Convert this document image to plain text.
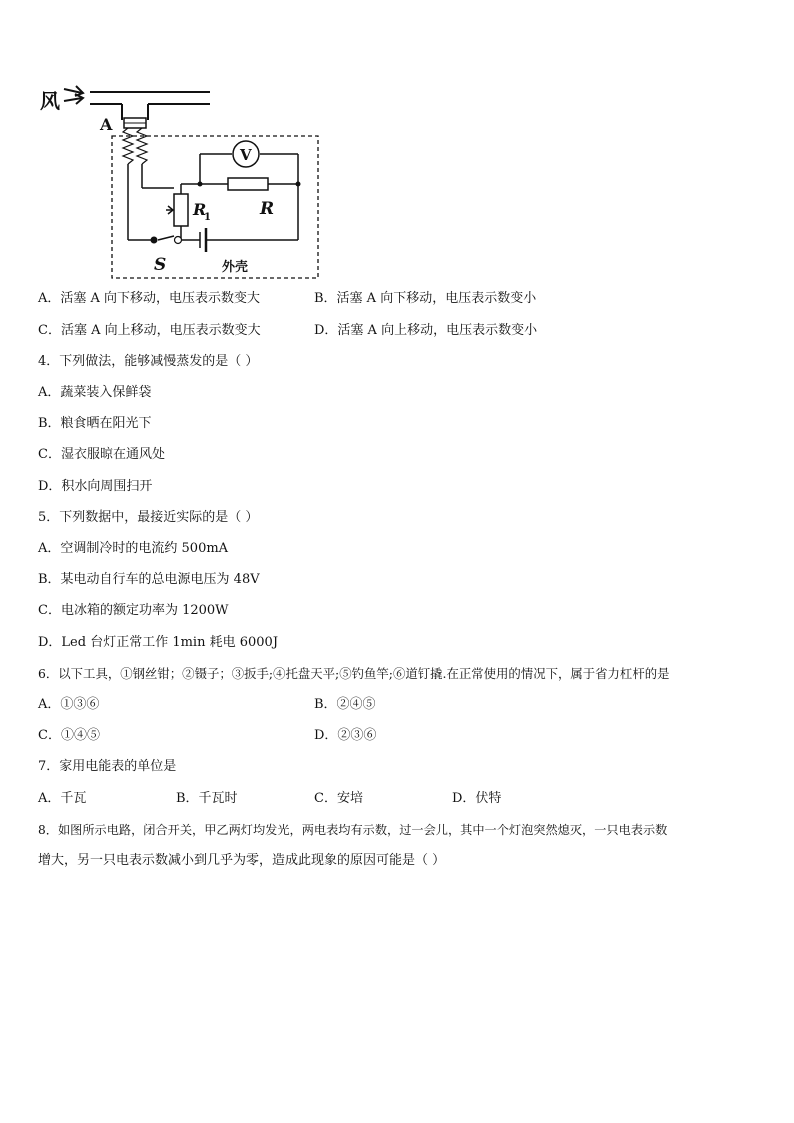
风
A
V
R
1	R
S	外壳
A．活塞 A 向下移动，电压表示数变大	B．活塞 A 向下移动，电压表示数变小
C．活塞 A 向上移动，电压表示数变大	D．活塞 A 向上移动，电压表示数变小
4．下列做法，能够减慢蒸发的是（ ）
A．蔬菜装入保鲜袋
B．粮食晒在阳光下
C．湿衣服晾在通风处
D．积水向周围扫开
5．下列数据中，最接近实际的是（ ）
A．空调制冷时的电流约 500mA
B．某电动自行车的总电源电压为 48V
C．电冰箱的额定功率为 1200W
D．Led 台灯正常工作 1min 耗电 6000J
6．以下工具，①钢丝钳；②镊子；③扳手;④托盘天平;⑤钓鱼竿;⑥道钉撬.在正常使用的情况下，属于省力杠杆的是
A．①③⑥	B．②④⑤
C．①④⑤	D．②③⑥
7．家用电能表的单位是
A．千瓦	B．千瓦时	C．安培	D．伏特
8．如图所示电路，闭合开关，甲乙两灯均发光，两电表均有示数，过一会儿，其中一个灯泡突然熄灭，一只电表示数
增大，另一只电表示数减小到几乎为零，造成此现象的原因可能是（ ）
